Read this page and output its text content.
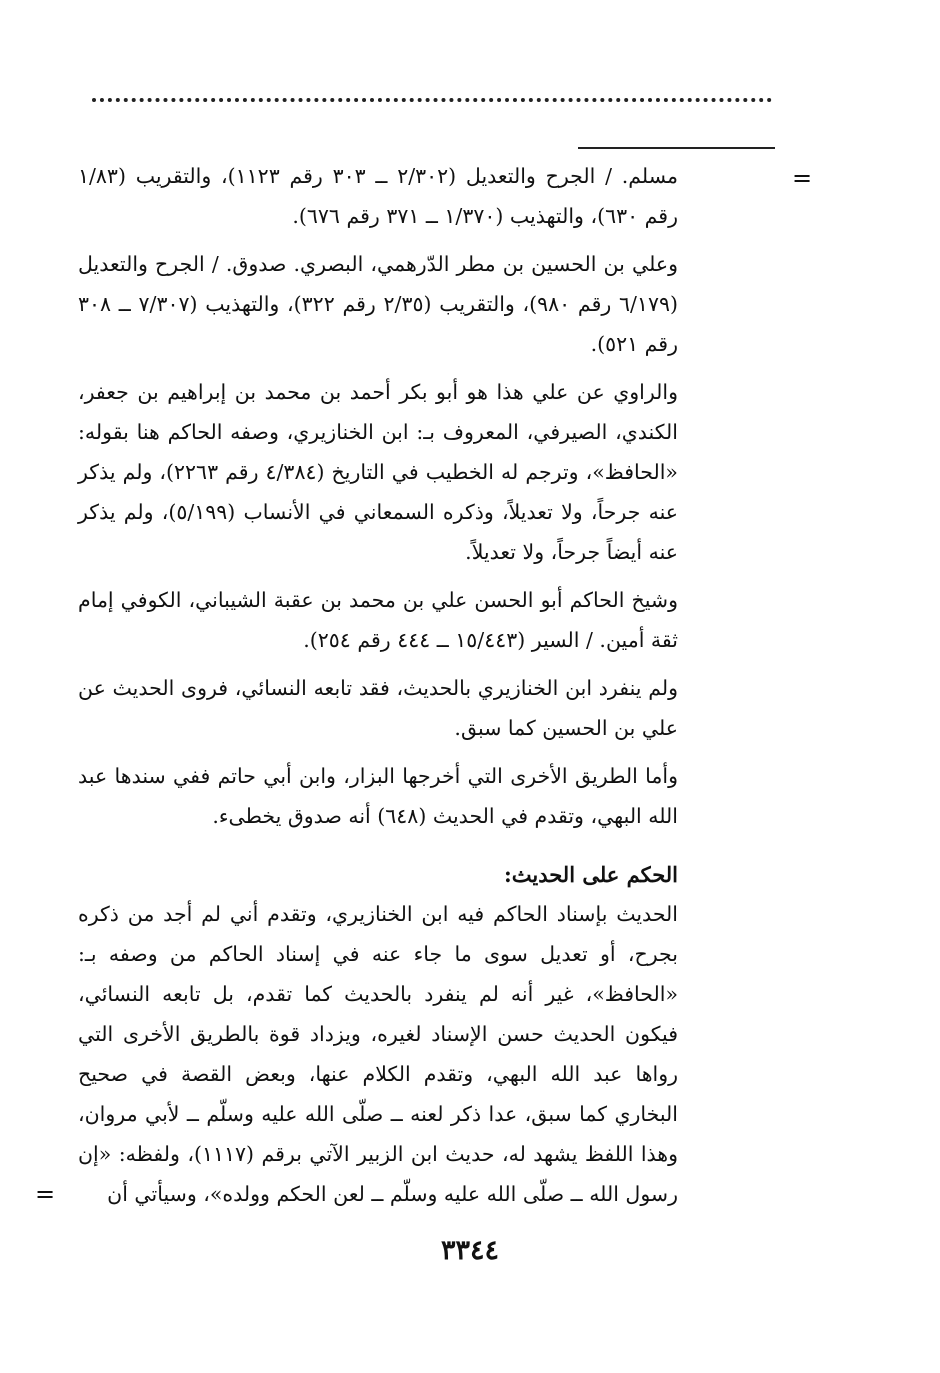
=

مسلم. / الجرح والتعديل (٢/٣٠٢ ــ ٣٠٣ رقم ١١٢٣)، والتقريب (١/٨٣ رقم ٦٣٠)، والتهذيب (١/٣٧٠ ــ ٣٧١ رقم ٦٧٦).

وعلي بن الحسين بن مطر الدّرهمي، البصري. صدوق. / الجرح والتعديل (٦/١٧٩ رقم ٩٨٠)، والتقريب (٢/٣٥ رقم ٣٢٢)، والتهذيب (٧/٣٠٧ ــ ٣٠٨ رقم ٥٢١).

والراوي عن علي هذا هو أبو بكر أحمد بن محمد بن إبراهيم بن جعفر، الكندي، الصيرفي، المعروف بـ: ابن الخنازيري، وصفه الحاكم هنا بقوله: «الحافظ»، وترجم له الخطيب في التاريخ (٤/٣٨٤ رقم ٢٢٦٣)، ولم يذكر عنه جرحاً، ولا تعديلاً، وذكره السمعاني في الأنساب (٥/١٩٩)، ولم يذكر عنه أيضاً جرحاً، ولا تعديلاً.

وشيخ الحاكم أبو الحسن علي بن محمد بن عقبة الشيباني، الكوفي إمام ثقة أمين. / السير (١٥/٤٤٣ ــ ٤٤٤ رقم ٢٥٤).

ولم ينفرد ابن الخنازيري بالحديث، فقد تابعه النسائي، فروى الحديث عن علي بن الحسين كما سبق.

وأما الطريق الأخرى التي أخرجها البزار، وابن أبي حاتم ففي سندها عبد الله البهي، وتقدم في الحديث (٦٤٨) أنه صدوق يخطىء.

الحكم على الحديث:

الحديث بإسناد الحاكم فيه ابن الخنازيري، وتقدم أني لم أجد من ذكره بجرح، أو تعديل سوى ما جاء عنه في إسناد الحاكم من وصفه بـ: «الحافظ»، غير أنه لم ينفرد بالحديث كما تقدم، بل تابعه النسائي، فيكون الحديث حسن الإسناد لغيره، ويزداد قوة بالطريق الأخرى التي رواها عبد الله البهي، وتقدم الكلام عنها، وبعض القصة في صحيح البخاري كما سبق، عدا ذكر لعنه ــ صلّى الله عليه وسلّم ــ لأبي مروان، وهذا اللفظ يشهد له، حديث ابن الزبير الآتي برقم (١١١٧)، ولفظه: «إن رسول الله ــ صلّى الله عليه وسلّم ــ لعن الحكم وولده»، وسيأتي أن

=
٣٣٤٤
